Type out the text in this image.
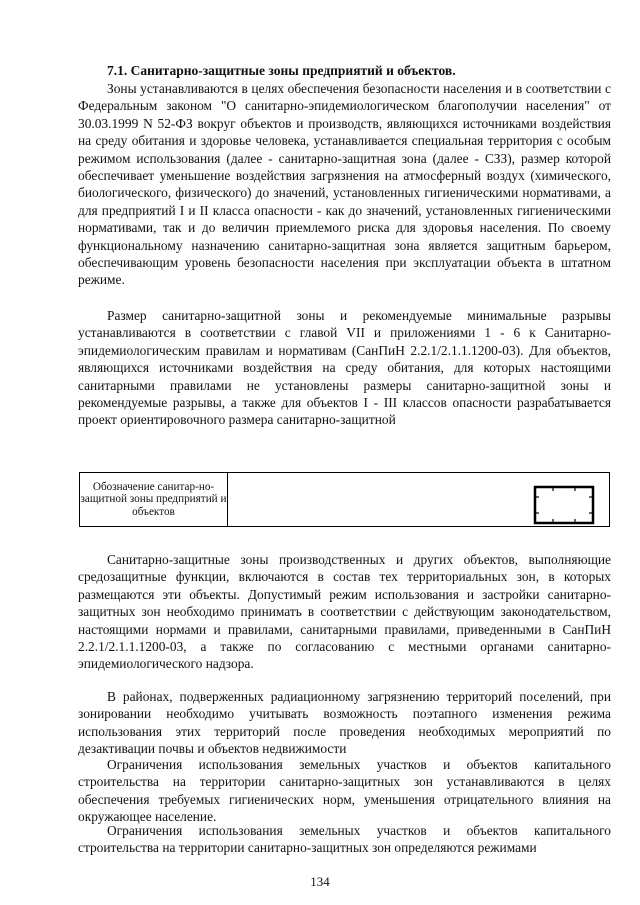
7.1. Санитарно-защитные зоны предприятий и объектов.

Зоны устанавливаются в целях обеспечения безопасности населения и в соответствии с Федеральным законом "О санитарно-эпидемиологическом благополучии населения" от 30.03.1999 N 52-ФЗ вокруг объектов и производств, являющихся источниками воздействия на среду обитания и здоровье человека, устанавливается специальная территория с особым режимом использования (далее - санитарно-защитная зона (далее - СЗЗ), размер которой обеспечивает уменьшение воздействия загрязнения на атмосферный воздух (химического, биологического, физического) до значений, установленных гигиеническими нормативами, а для предприятий I и II класса опасности - как до значений, установленных гигиеническими нормативами, так и до величин приемлемого риска для здоровья населения. По своему функциональному назначению санитарно-защитная зона является защитным барьером, обеспечивающим уровень безопасности населения при эксплуатации объекта в штатном режиме.

Размер санитарно-защитной зоны и рекомендуемые минимальные разрывы устанавливаются в соответствии с главой VII и приложениями 1 - 6 к Санитарно-эпидемиологическим правилам и нормативам (СанПиН 2.2.1/2.1.1.1200-03). Для объектов, являющихся источниками воздействия на среду обитания, для которых настоящими санитарными правилами не установлены размеры санитарно-защитной зоны и рекомендуемые разрывы, а также для объектов I - III классов опасности разрабатывается проект ориентировочного размера санитарно-защитной

Обозначение санитар-но-защитной зоны предприятий и объектов	

Санитарно-защитные зоны производственных и других объектов, выполняющие средозащитные функции, включаются в состав тех территориальных зон, в которых размещаются эти объекты. Допустимый режим использования и застройки санитарно-защитных зон необходимо принимать в соответствии с действующим законодательством, настоящими нормами и правилами, санитарными правилами, приведенными в СанПиН 2.2.1/2.1.1.1200-03, а также по согласованию с местными органами санитарно-эпидемиологического надзора.

В районах, подверженных радиационному загрязнению территорий поселений, при зонировании необходимо учитывать возможность поэтапного изменения режима использования этих территорий после проведения необходимых мероприятий по дезактивации почвы и объектов недвижимости

Ограничения использования земельных участков и объектов капитального строительства на территории санитарно-защитных зон устанавливаются в целях обеспечения требуемых гигиенических норм, уменьшения отрицательного влияния на окружающее население.

Ограничения использования земельных участков и объектов капитального строительства на территории санитарно-защитных зон определяются режимами

134
